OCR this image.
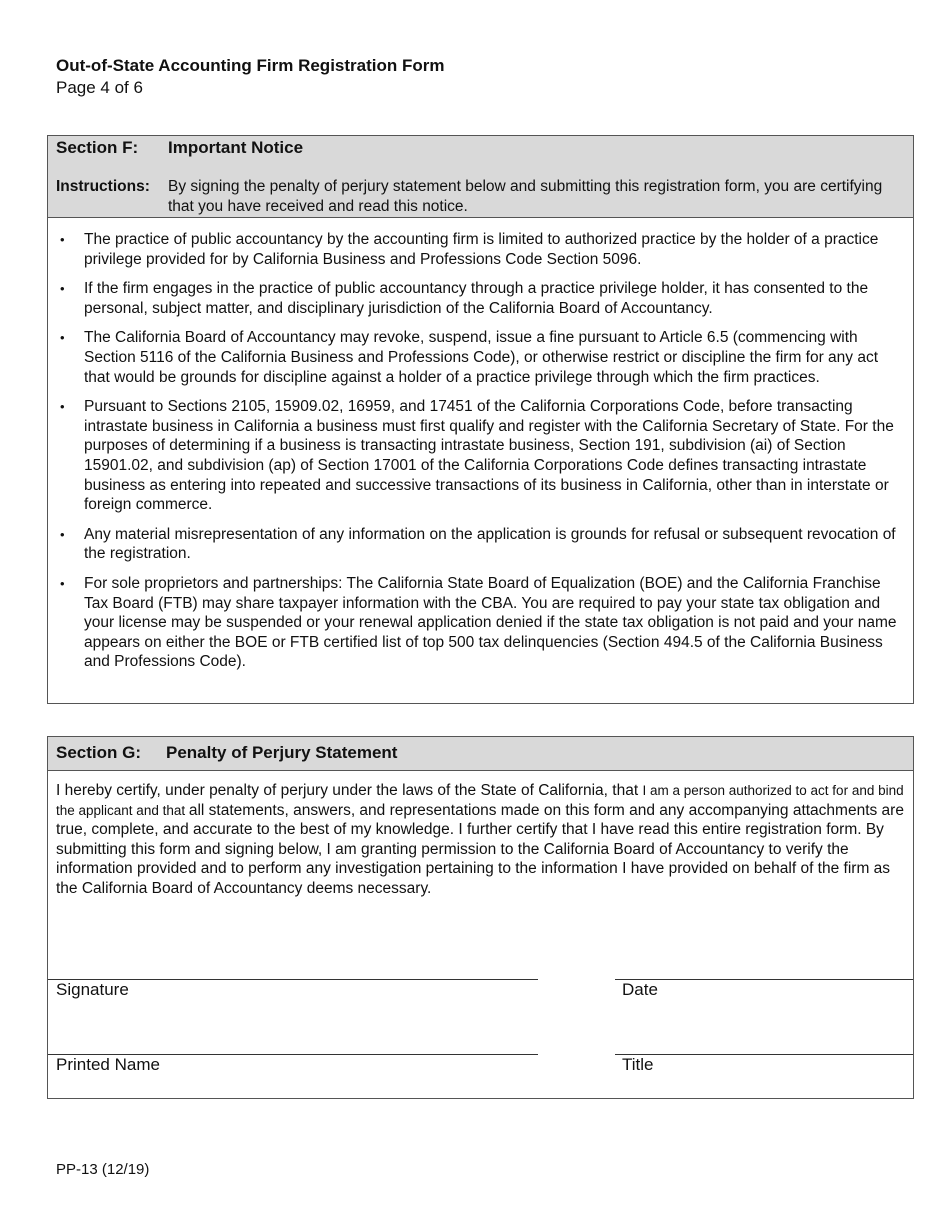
Out-of-State Accounting Firm Registration Form
Page 4 of 6
Section F: Important Notice
Instructions: By signing the penalty of perjury statement below and submitting this registration form, you are certifying that you have received and read this notice.
• The practice of public accountancy by the accounting firm is limited to authorized practice by the holder of a practice privilege provided for by California Business and Professions Code Section 5096.
• If the firm engages in the practice of public accountancy through a practice privilege holder, it has consented to the personal, subject matter, and disciplinary jurisdiction of the California Board of Accountancy.
• The California Board of Accountancy may revoke, suspend, issue a fine pursuant to Article 6.5 (commencing with Section 5116 of the California Business and Professions Code), or otherwise restrict or discipline the firm for any act that would be grounds for discipline against a holder of a practice privilege through which the firm practices.
• Pursuant to Sections 2105, 15909.02, 16959, and 17451 of the California Corporations Code, before transacting intrastate business in California a business must first qualify and register with the California Secretary of State. For the purposes of determining if a business is transacting intrastate business, Section 191, subdivision (ai) of Section 15901.02, and subdivision (ap) of Section 17001 of the California Corporations Code defines transacting intrastate business as entering into repeated and successive transactions of its business in California, other than in interstate or foreign commerce.
• Any material misrepresentation of any information on the application is grounds for refusal or subsequent revocation of the registration.
• For sole proprietors and partnerships: The California State Board of Equalization (BOE) and the California Franchise Tax Board (FTB) may share taxpayer information with the CBA. You are required to pay your state tax obligation and your license may be suspended or your renewal application denied if the state tax obligation is not paid and your name appears on either the BOE or FTB certified list of top 500 tax delinquencies (Section 494.5 of the California Business and Professions Code).
Section G: Penalty of Perjury Statement
I hereby certify, under penalty of perjury under the laws of the State of California, that I am a person authorized to act for and bind the applicant and that all statements, answers, and representations made on this form and any accompanying attachments are true, complete, and accurate to the best of my knowledge. I further certify that I have read this entire registration form. By submitting this form and signing below, I am granting permission to the California Board of Accountancy to verify the information provided and to perform any investigation pertaining to the information I have provided on behalf of the firm as the California Board of Accountancy deems necessary.
Signature	Date
Printed Name	Title
PP-13 (12/19)
